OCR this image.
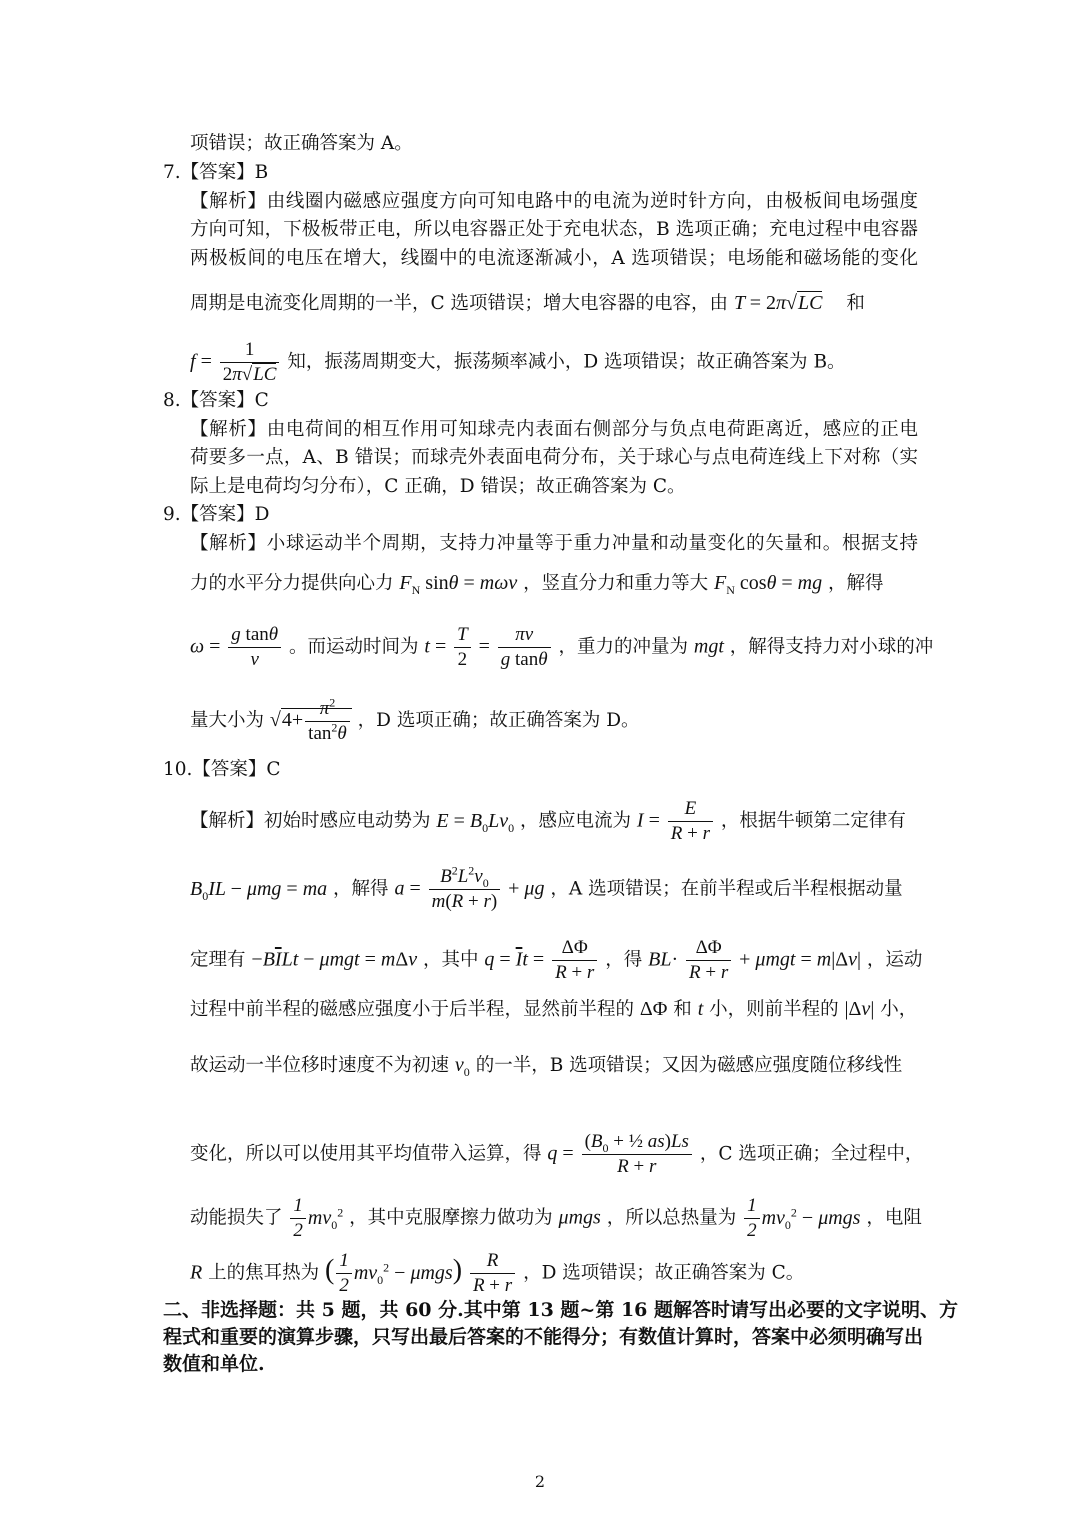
项错误；故正确答案为 A。
7.【答案】B
【解析】由线圈内磁感应强度方向可知电路中的电流为逆时针方向，由极板间电场强度
方向可知，下极板带正电，所以电容器正处于充电状态，B 选项正确；充电过程中电容器
两极板间的电压在增大，线圈中的电流逐渐减小，A 选项错误；电场能和磁场能的变化
周期是电流变化周期的一半，C 选项错误；增大电容器的电容，由 T = 2π√LC 和
$f = \frac{1}{2\pi√LC}$ 知，振荡周期变大，振荡频率减小，D 选项错误；故正确答案为 B。
8.【答案】C
【解析】由电荷间的相互作用可知球壳内表面右侧部分与负点电荷距离近，感应的正电
荷要多一点，A、B 错误；而球壳外表面电荷分布，关于球心与点电荷连线上下对称（实
际上是电荷均匀分布），C 正确，D 错误；故正确答案为 C。
9.【答案】D
【解析】小球运动半个周期，支持力冲量等于重力冲量和动量变化的矢量和。根据支持
力的水平分力提供向心力 $F_N$ sinθ = mωv ，竖直分力和重力等大 $F_N$ cosθ = mg ，解得
$\omega = \frac{\text{g tanθ}}{v}$ 。而运动时间为 $t = \frac{T}{2} = \frac{\pi v}{\text{g tanθ}}$ ，重力的冲量为 mgt ，解得支持力对小球的冲
量大小为 $√4+ \frac{\pi^2}{\tan^2\theta}$ ，D 选项正确；故正确答案为 D。
10.【答案】C
【解析】初始时感应电动势为 $E = B_0Lv_0$ ，感应电流为 $I = \frac{E}{R + r}$ ，根据牛顿第二定律有
$B_0IL - \mu mg$ = ma ，解得 $a = \frac{B^2L^2v_0}{m(R + r)} + \mu g$ ，A 选项错误；在前半程或后半程根据动量
定理有 $-B\overline{I}Lt - \mu mgt = m\Delta v$ ，其中 $q = \overline{I}t = \frac{\Delta\Phi}{R + r}$ ，得 $BL\cdot \frac{\Delta\Phi}{R + r} + \mu mgt = m|\Delta v|$ ，运动
过程中前半程的磁感应强度小于后半程，显然前半程的 ΔΦ 和 t 小，则前半程的 |Δv| 小，
故运动一半位移时速度不为初速 $v_0$ 的一半，B 选项错误；又因为磁感应强度随位移线性
变化，所以可以使用其平均值带入运算，得 $q = \frac{(B_0 + \frac{1}{2} as)Ls}{R + r}$ ，C 选项正确；全过程中，
动能损失了 $\frac{1}{2} mv_0^2$ ，其中克服摩擦力做功为 μmgs ，所以总热量为 $\frac{1}{2} mv_0^2 - \mu mgs$ ，电阻
R 上的焦耳热为 ( $\frac{1}{2} mv_0^2 - \mu mgs) \frac{R}{R + r}$ ，D 选项错误；故正确答案为 C。
二、非选择题：共 5 题，共 60 分.其中第 13 题~第 16 题解答时请写出必要的文字说明、方
程式和重要的演算步骤，只写出最后答案的不能得分；有数值计算时，答案中必须明确写出
数值和单位.
2
